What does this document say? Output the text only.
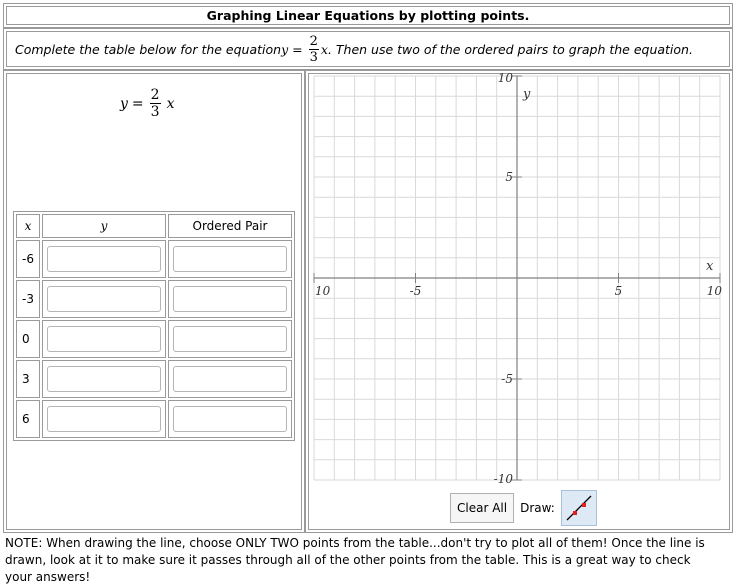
Graphing Linear Equations by plotting points.
Complete the table below for the equation $y = \frac{2}{3}$ x . Then use two of the ordered pairs to graph the equation.
$y = \frac{2}{3}$ x
x	y	Ordered Pair
-6	

-3	

0	

3	

6	

10	-5	5	10
10
5
-5
-10
x
y
Clear All	Draw:
NOTE: When drawing the line, choose ONLY TWO points from the table...don't try to plot all of them! Once the line is drawn, look at it to make sure it passes through all of the other points from the table. This is a great way to check your answers!
